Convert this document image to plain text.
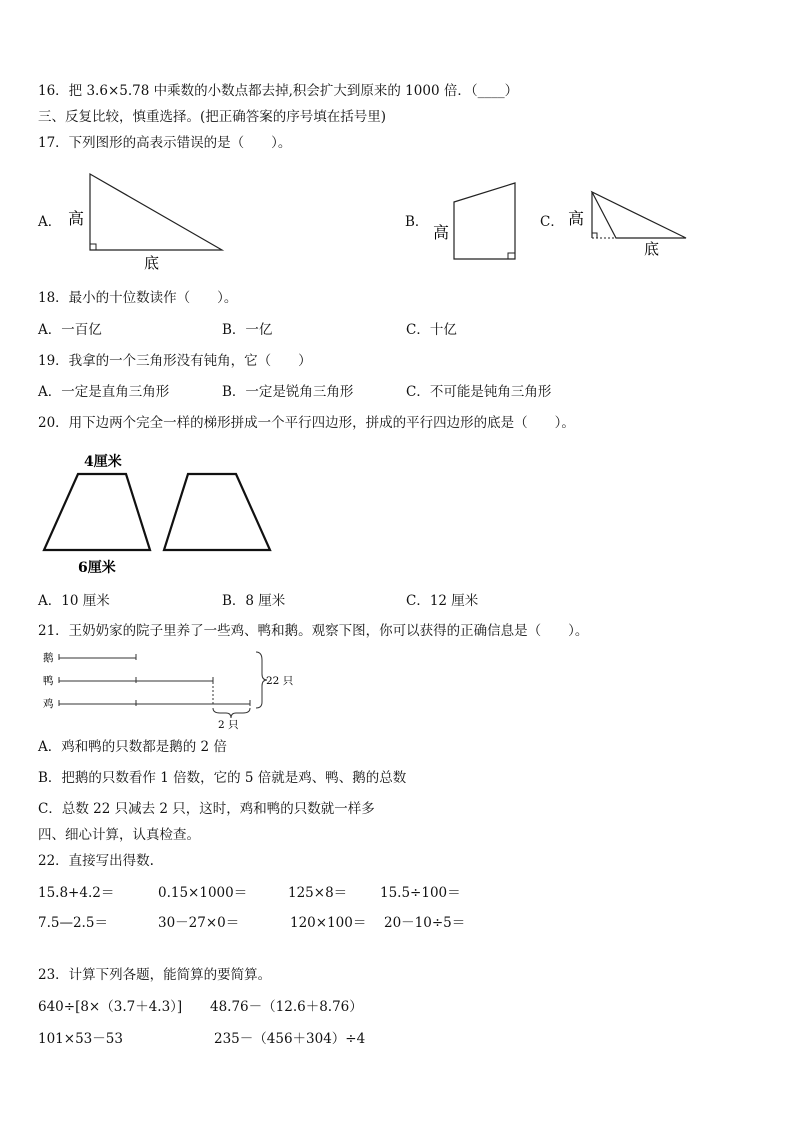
16．把 3.6×5.78 中乘数的小数点都去掉,积会扩大到原来的 1000 倍．（____）
三、反复比较，慎重选择。(把正确答案的序号填在括号里)
17．下列图形的高表示错误的是（　　）。
A．	B．	C．
高
底
高
高
底
18．最小的十位数读作（　　）。
A．一百亿	B．一亿	C．十亿
19．我拿的一个三角形没有钝角，它（　　）
A．一定是直角三角形	B．一定是锐角三角形	C．不可能是钝角三角形
20．用下边两个完全一样的梯形拼成一个平行四边形，拼成的平行四边形的底是（　　）。
4厘米
6厘米
A．10 厘米	B．8 厘米	C．12 厘米
21．王奶奶家的院子里养了一些鸡、鸭和鹅。观察下图，你可以获得的正确信息是（　　）。
鹅
鸭
鸡
22 只
2 只
A．鸡和鸭的只数都是鹅的 2 倍
B．把鹅的只数看作 1 倍数，它的 5 倍就是鸡、鸭、鹅的总数
C．总数 22 只减去 2 只，这时，鸡和鸭的只数就一样多
四、细心计算，认真检查。
22．直接写出得数.
15.8+4.2＝	0.15×1000＝	125×8＝ 15.5÷100＝
7.5—2.5＝	30－27×0＝	120×100＝ 20－10÷5＝
23．计算下列各题，能简算的要简算。
640÷[8×（3.7＋4.3）] 48.76－（12.6＋8.76）
101×53－53	235－（456＋304）÷4
